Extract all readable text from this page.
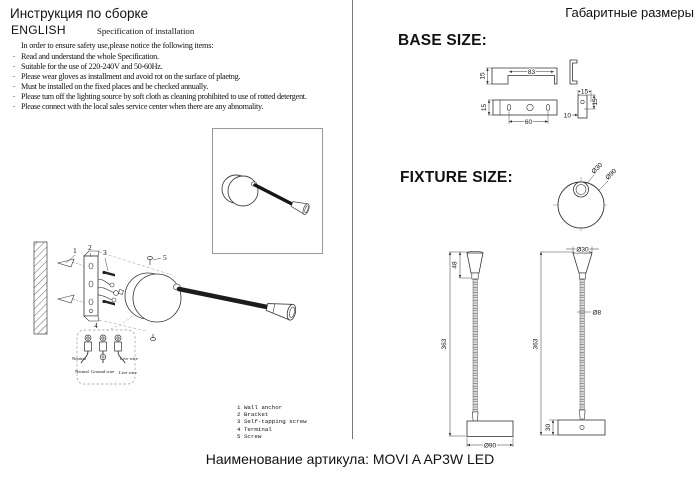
Инструкция по сборке
ENGLISH	Specification of installation
In order to ensure safety use,please notice the following items:
. Read and understand the whole Specification.
. Suitable for the use of 220-240V and 50-60Hz.
. Please wear gloves as installment and avoid rot on the surface of plaetng.
. Must be installed on the fixed places and be checked annually.
. Please tum off the lighting source by soft cloth as cleaning prohibited to use of rotted detergent.
. Please connect with the local sales service center when there are any abnomality.
1 2
3
5
4
Neutral	Live wire
Neutral Ground wire Live wire
1 Wall anchor
2 Bracket
3 Self-tapping screw
4 Terminal
5 Screw
Габаритные размеры
BASE SIZE:
83
15
60
15
15
15
10
FIXTURE SIZE:
Ø30 Ø90
363
48
Ø90
Ø30
Ø8
363
30
Наименование артикула: MOVI A AP3W LED
